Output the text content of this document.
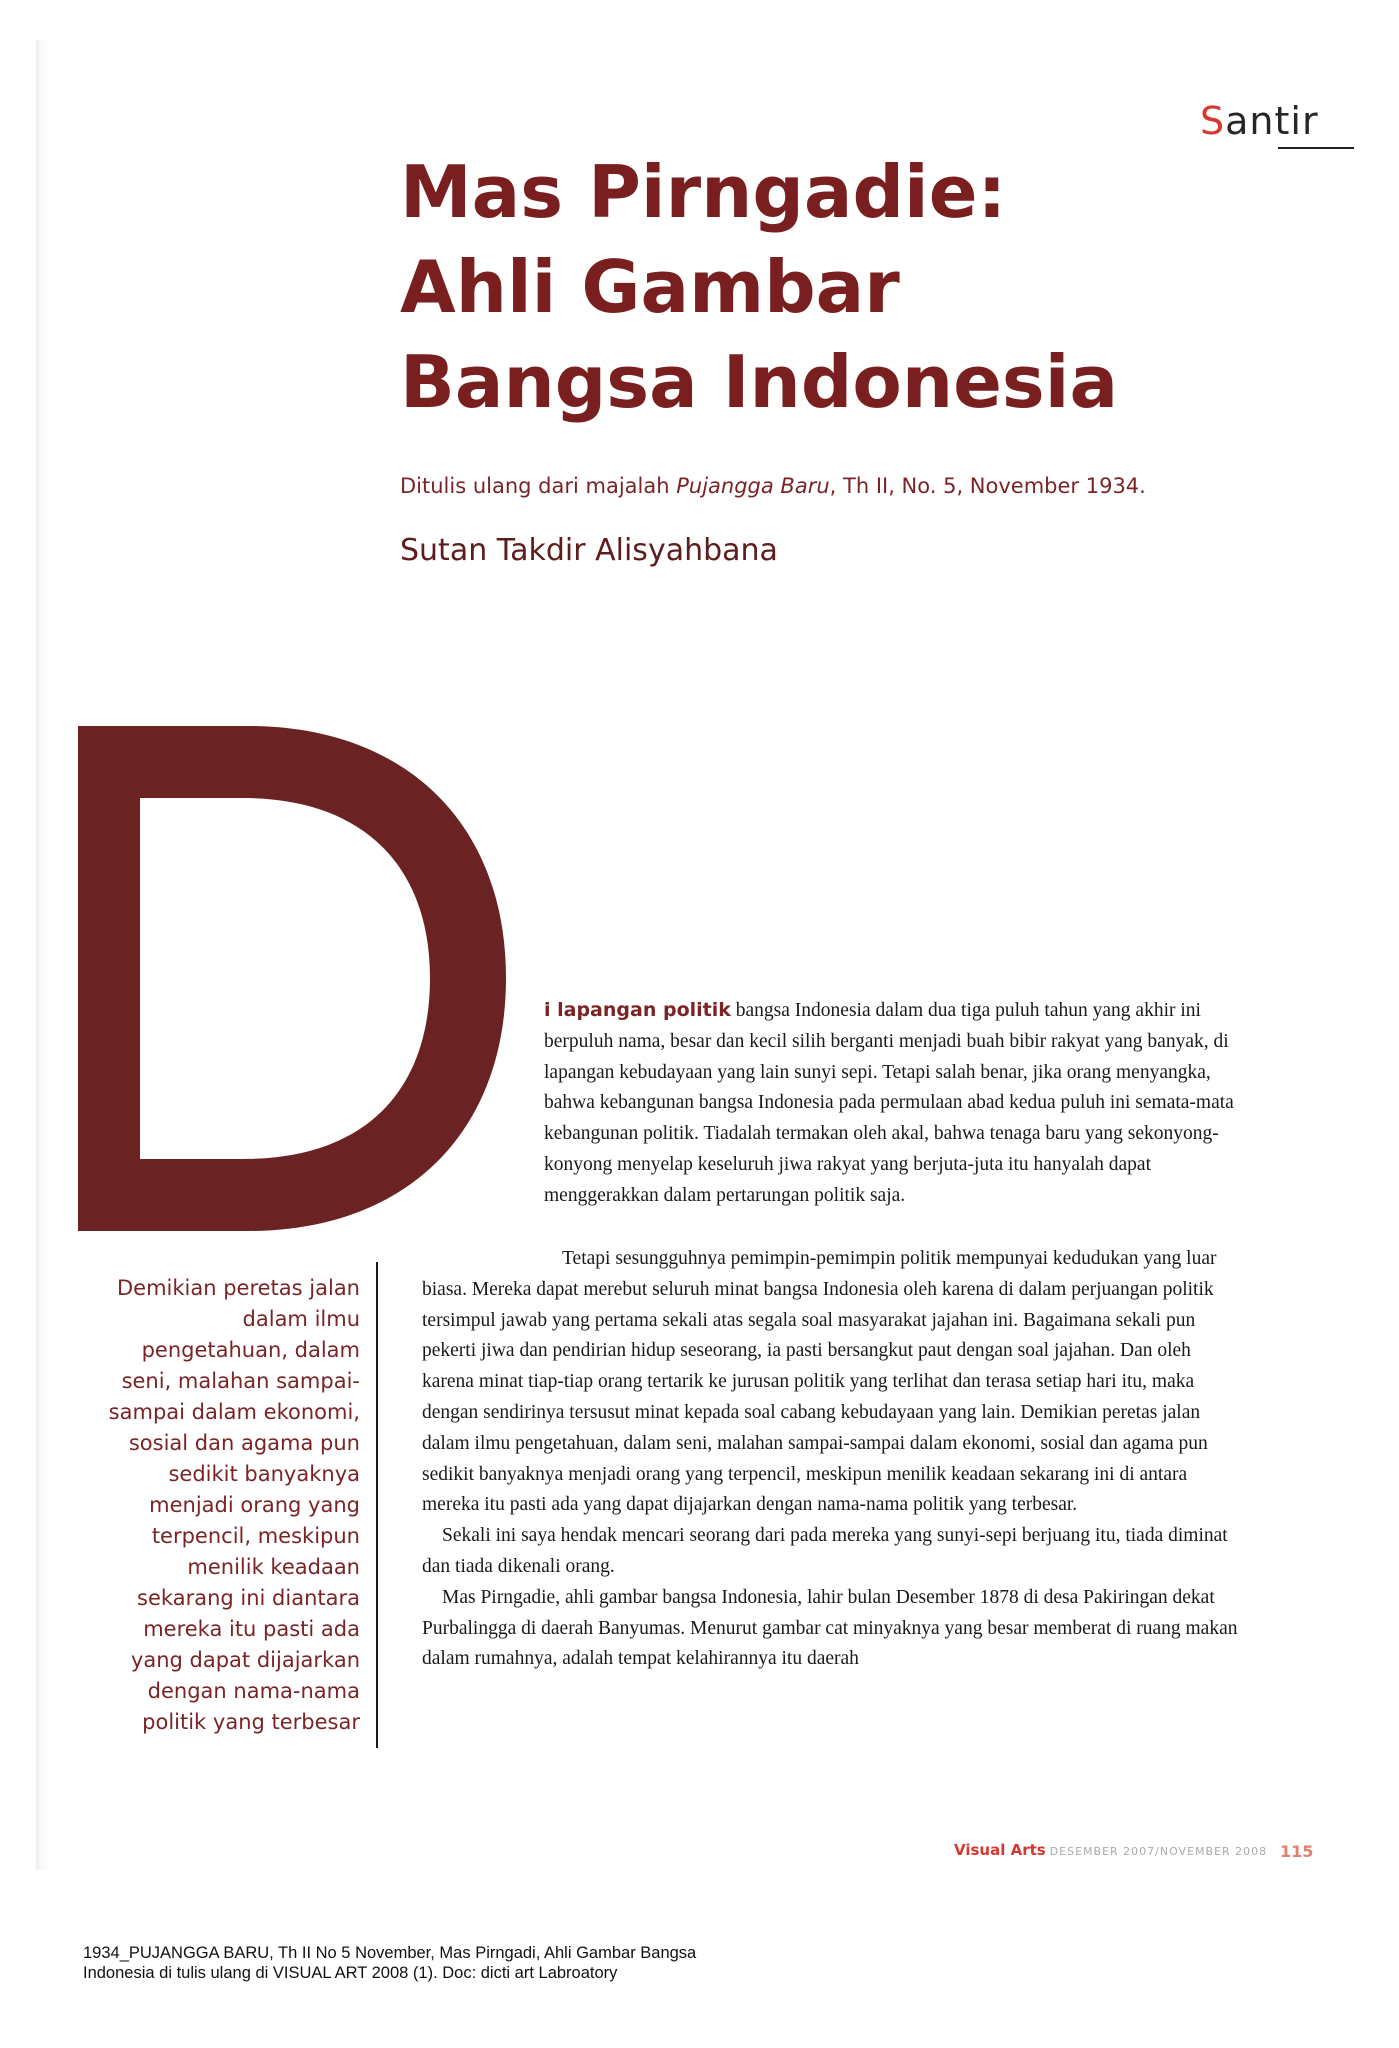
Santir
Mas Pirngadie:
Ahli Gambar
Bangsa Indonesia
Ditulis ulang dari majalah Pujangga Baru, Th II, No. 5, November 1934.
Sutan Takdir Alisyahbana
Demikian peretas jalan dalam ilmu pengetahuan, dalam seni, malahan sampai-sampai dalam ekonomi, sosial dan agama pun sedikit banyaknya menjadi orang yang terpencil, meskipun menilik keadaan sekarang ini diantara mereka itu pasti ada yang dapat dijajarkan dengan nama-nama politik yang terbesar

i lapangan politik bangsa Indonesia dalam dua tiga puluh tahun yang akhir ini berpuluh nama, besar dan kecil silih berganti menjadi buah bibir rakyat yang banyak, di lapangan kebudayaan yang lain sunyi sepi. Tetapi salah benar, jika orang menyangka, bahwa kebangunan bangsa Indonesia pada permulaan abad kedua puluh ini semata-mata kebangunan politik. Tiadalah termakan oleh akal, bahwa tenaga baru yang sekonyong-konyong menyelap keseluruh jiwa rakyat yang berjuta-juta itu hanyalah dapat menggerakkan dalam pertarungan politik saja.

Tetapi sesungguhnya pemimpin-pemimpin politik mempunyai kedudukan yang luar biasa. Mereka dapat merebut seluruh minat bangsa Indonesia oleh karena di dalam perjuangan politik tersimpul jawab yang pertama sekali atas segala soal masyarakat jajahan ini. Bagaimana sekali pun pekerti jiwa dan pendirian hidup seseorang, ia pasti bersangkut paut dengan soal jajahan. Dan oleh karena minat tiap-tiap orang tertarik ke jurusan politik yang terlihat dan terasa setiap hari itu, maka dengan sendirinya tersusut minat kepada soal cabang kebudayaan yang lain. Demikian peretas jalan dalam ilmu pengetahuan, dalam seni, malahan sampai-sampai dalam ekonomi, sosial dan agama pun sedikit banyaknya menjadi orang yang terpencil, meskipun menilik keadaan sekarang ini di antara mereka itu pasti ada yang dapat dijajarkan dengan nama-nama politik yang terbesar.

Sekali ini saya hendak mencari seorang dari pada mereka yang sunyi-sepi berjuang itu, tiada diminat dan tiada dikenali orang.

Mas Pirngadie, ahli gambar bangsa Indonesia, lahir bulan Desember 1878 di desa Pakiringan dekat Purbalingga di daerah Banyumas. Menurut gambar cat minyaknya yang besar memberat di ruang makan dalam rumahnya, adalah tempat kelahirannya itu daerah

Visual Arts DESEMBER 2007/NOVEMBER 2008 115

1934_PUJANGGA BARU, Th II No 5 November, Mas Pirngadi, Ahli Gambar Bangsa
Indonesia di tulis ulang di VISUAL ART 2008 (1). Doc: dicti art Labroatory
